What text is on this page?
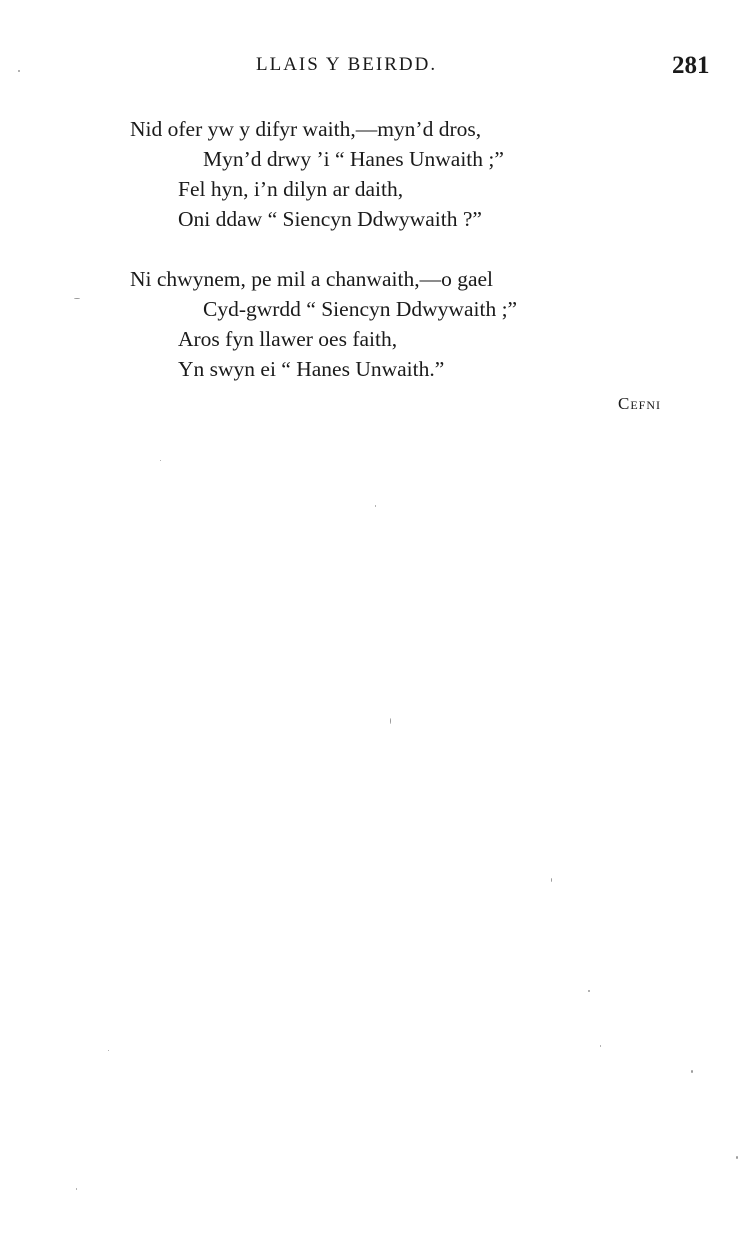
LLAIS Y BEIRDD.	281
Nid ofer yw y difyr waith,—myn’d dros,
Myn’d drwy ’i “ Hanes Unwaith ;”
Fel hyn, i’n dilyn ar daith,
Oni ddaw “ Siencyn Ddwywaith ?”
Ni chwynem, pe mil a chanwaith,—o gael
Cyd-gwrdd “ Siencyn Ddwywaith ;”
Aros fyn llawer oes faith,
Yn swyn ei “ Hanes Unwaith.”
Cefni
